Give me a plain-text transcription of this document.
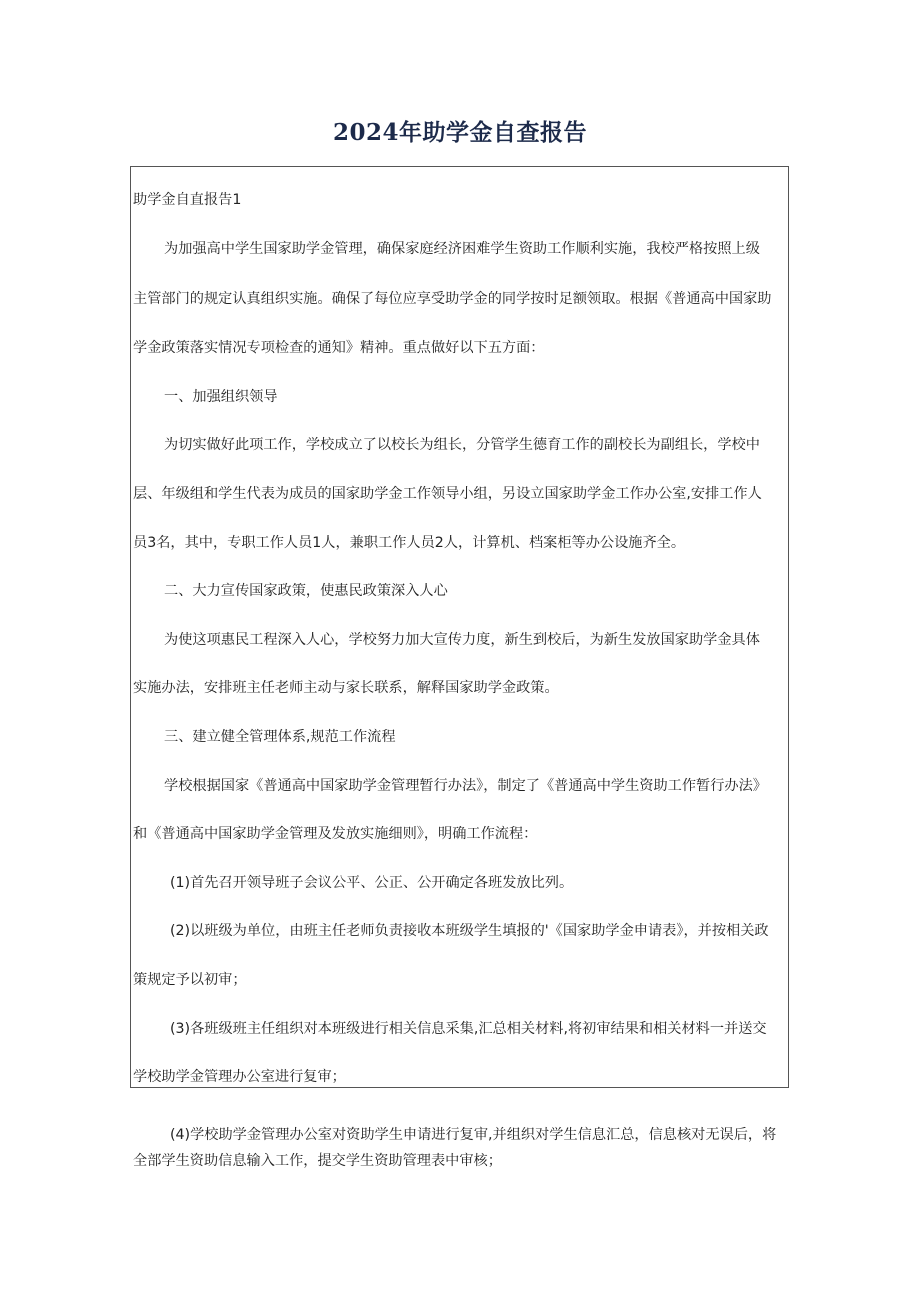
2024年助学金自查报告

助学金自直报告1

为加强高中学生国家助学金管理，确保家庭经济困难学生资助工作顺利实施，我校严格按照上级

主管部门的规定认真组织实施。确保了每位应享受助学金的同学按时足额领取。根据《普通高中国家助

学金政策落实情况专项检查的通知》精神。重点做好以下五方面：

一、加强组织领导

为切实做好此项工作，学校成立了以校长为组长，分管学生德育工作的副校长为副组长，学校中

层、年级组和学生代表为成员的国家助学金工作领导小组，另设立国家助学金工作办公室,安排工作人

员3名，其中，专职工作人员1人，兼职工作人员2人，计算机、档案柜等办公设施齐全。

二、大力宣传国家政策，使惠民政策深入人心

为使这项惠民工程深入人心，学校努力加大宣传力度，新生到校后，为新生发放国家助学金具体

实施办法，安排班主任老师主动与家长联系，解释国家助学金政策。

三、建立健全管理体系,规范工作流程

学校根据国家《普通高中国家助学金管理暂行办法》，制定了《普通高中学生资助工作暂行办法》

和《普通高中国家助学金管理及发放实施细则》，明确工作流程：

(1)首先召开领导班子会议公平、公正、公开确定各班发放比列。

(2)以班级为单位，由班主任老师负责接收本班级学生填报的'《国家助学金申请表》，并按相关政

策规定予以初审；

(3)各班级班主任组织对本班级进行相关信息采集,汇总相关材料,将初审结果和相关材料一并送交

学校助学金管理办公室进行复审；

(4)学校助学金管理办公室对资助学生申请进行复审,并组织对学生信息汇总，信息核对无误后，将

全部学生资助信息输入工作，提交学生资助管理表中审核；
